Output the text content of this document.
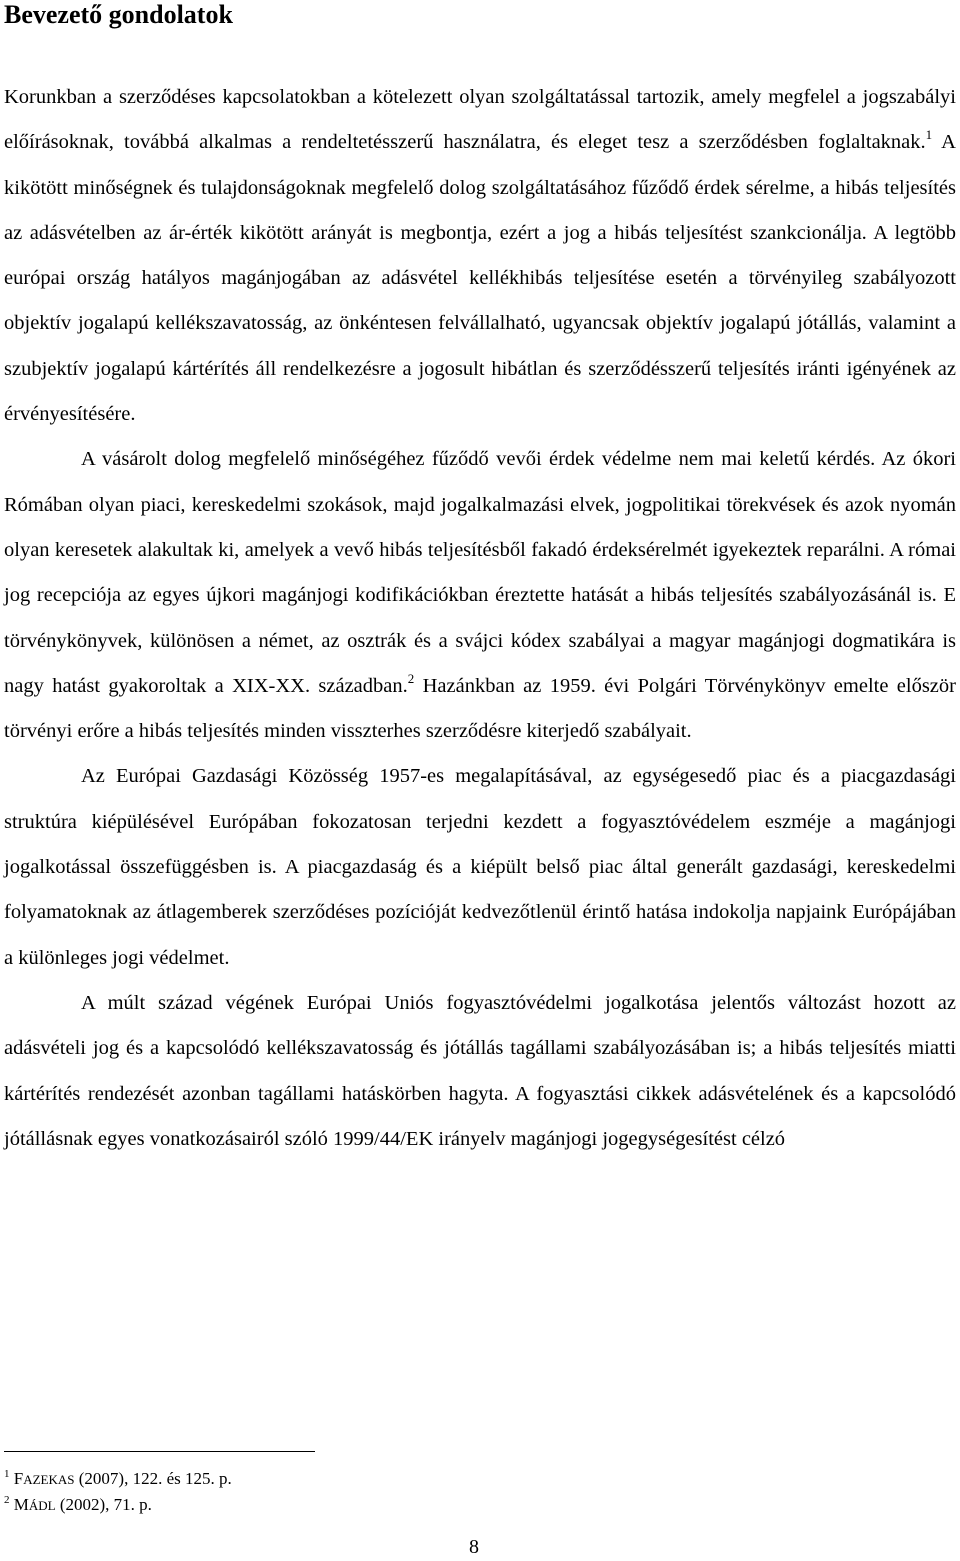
Bevezető gondolatok

Korunkban a szerződéses kapcsolatokban a kötelezett olyan szolgáltatással tartozik, amely megfelel a jogszabályi előírásoknak, továbbá alkalmas a rendeltetésszerű használatra, és eleget tesz a szerződésben foglaltaknak.$^1$ A kikötött minőségnek és tulajdonságoknak megfelelő dolog szolgáltatásához fűződő érdek sérelme, a hibás teljesítés az adásvételben az ár-érték kikötött arányát is megbontja, ezért a jog a hibás teljesítést szankcionálja. A legtöbb európai ország hatályos magánjogában az adásvétel kellékhibás teljesítése esetén a törvényileg szabályozott objektív jogalapú kellékszavatosság, az önkéntesen felvállalható, ugyancsak objektív jogalapú jótállás, valamint a szubjektív jogalapú kártérítés áll rendelkezésre a jogosult hibátlan és szerződésszerű teljesítés iránti igényének az érvényesítésére.

A vásárolt dolog megfelelő minőségéhez fűződő vevői érdek védelme nem mai keletű kérdés. Az ókori Rómában olyan piaci, kereskedelmi szokások, majd jogalkalmazási elvek, jogpolitikai törekvések és azok nyomán olyan keresetek alakultak ki, amelyek a vevő hibás teljesítésből fakadó érdeksérelmét igyekeztek reparálni. A római jog recepciója az egyes újkori magánjogi kodifikációkban éreztette hatását a hibás teljesítés szabályozásánál is. E törvénykönyvek, különösen a német, az osztrák és a svájci kódex szabályai a magyar magánjogi dogmatikára is nagy hatást gyakoroltak a XIX-XX. században.$^2$ Hazánkban az 1959. évi Polgári Törvénykönyv emelte először törvényi erőre a hibás teljesítés minden visszterhes szerződésre kiterjedő szabályait.

Az Európai Gazdasági Közösség 1957-es megalapításával, az egységesedő piac és a piacgazdasági struktúra kiépülésével Európában fokozatosan terjedni kezdett a fogyasztóvédelem eszméje a magánjogi jogalkotással összefüggésben is. A piacgazdaság és a kiépült belső piac által generált gazdasági, kereskedelmi folyamatoknak az átlagemberek szerződéses pozícióját kedvezőtlenül érintő hatása indokolja napjaink Európájában a különleges jogi védelmet.

A múlt század végének Európai Uniós fogyasztóvédelmi jogalkotása jelentős változást hozott az adásvételi jog és a kapcsolódó kellékszavatosság és jótállás tagállami szabályozásában is; a hibás teljesítés miatti kártérítés rendezését azonban tagállami hatáskörben hagyta. A fogyasztási cikkek adásvételének és a kapcsolódó jótállásnak egyes vonatkozásairól szóló 1999/44/EK irányelv magánjogi jogegységesítést célzó

$^1$ FAZEKAS (2007), 122. és 125. p.
$^2$ MÁDL (2002), 71. p.
8
